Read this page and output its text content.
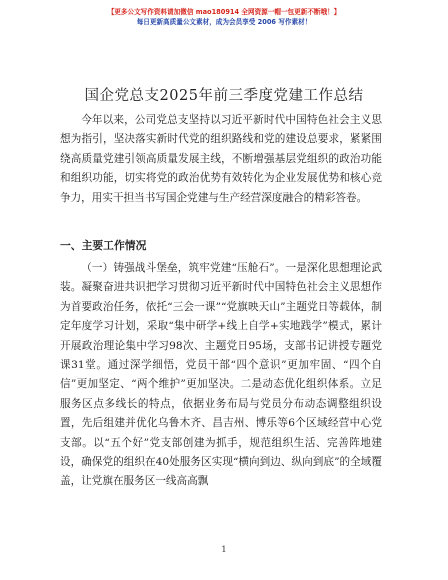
【更多公文写作资料请加微信 mao180914 全网资源一帽一包更新不断哦！】
每日更新高质量公文素材，成为会员享受 2006 写作素材！
国企党总支2025年前三季度党建工作总结
今年以来，公司党总支坚持以习近平新时代中国特色社会主义思想为指引，坚决落实新时代党的组织路线和党的建设总要求，紧紧围绕高质量党建引领高质量发展主线，不断增强基层党组织的政治功能和组织功能，切实将党的政治优势有效转化为企业发展优势和核心竞争力，用实干担当书写国企党建与生产经营深度融合的精彩答卷。
一、主要工作情况
（一）铸强战斗堡垒，筑牢党建“压舱石”。一是深化思想理论武装。凝聚奋进共识把学习贯彻习近平新时代中国特色社会主义思想作为首要政治任务，依托“三会一课”“党旗映天山”主题党日等载体，制定年度学习计划，采取“集中研学+线上自学+实地践学”模式，累计开展政治理论集中学习98次、主题党日95场，支部书记讲授专题党课31堂。通过深学细悟，党员干部“四个意识”更加牢固、“四个自信”更加坚定、“两个维护”更加坚决。二是动态优化组织体系。立足服务区点多线长的特点，依据业务布局与党员分布动态调整组织设置，先后组建并优化乌鲁木齐、昌吉州、博乐等6个区域经营中心党支部。以“五个好”党支部创建为抓手，规范组织生活、完善阵地建设，确保党的组织在40处服务区实现“横向到边、纵向到底”的全域覆盖，让党旗在服务区一线高高飘
1
